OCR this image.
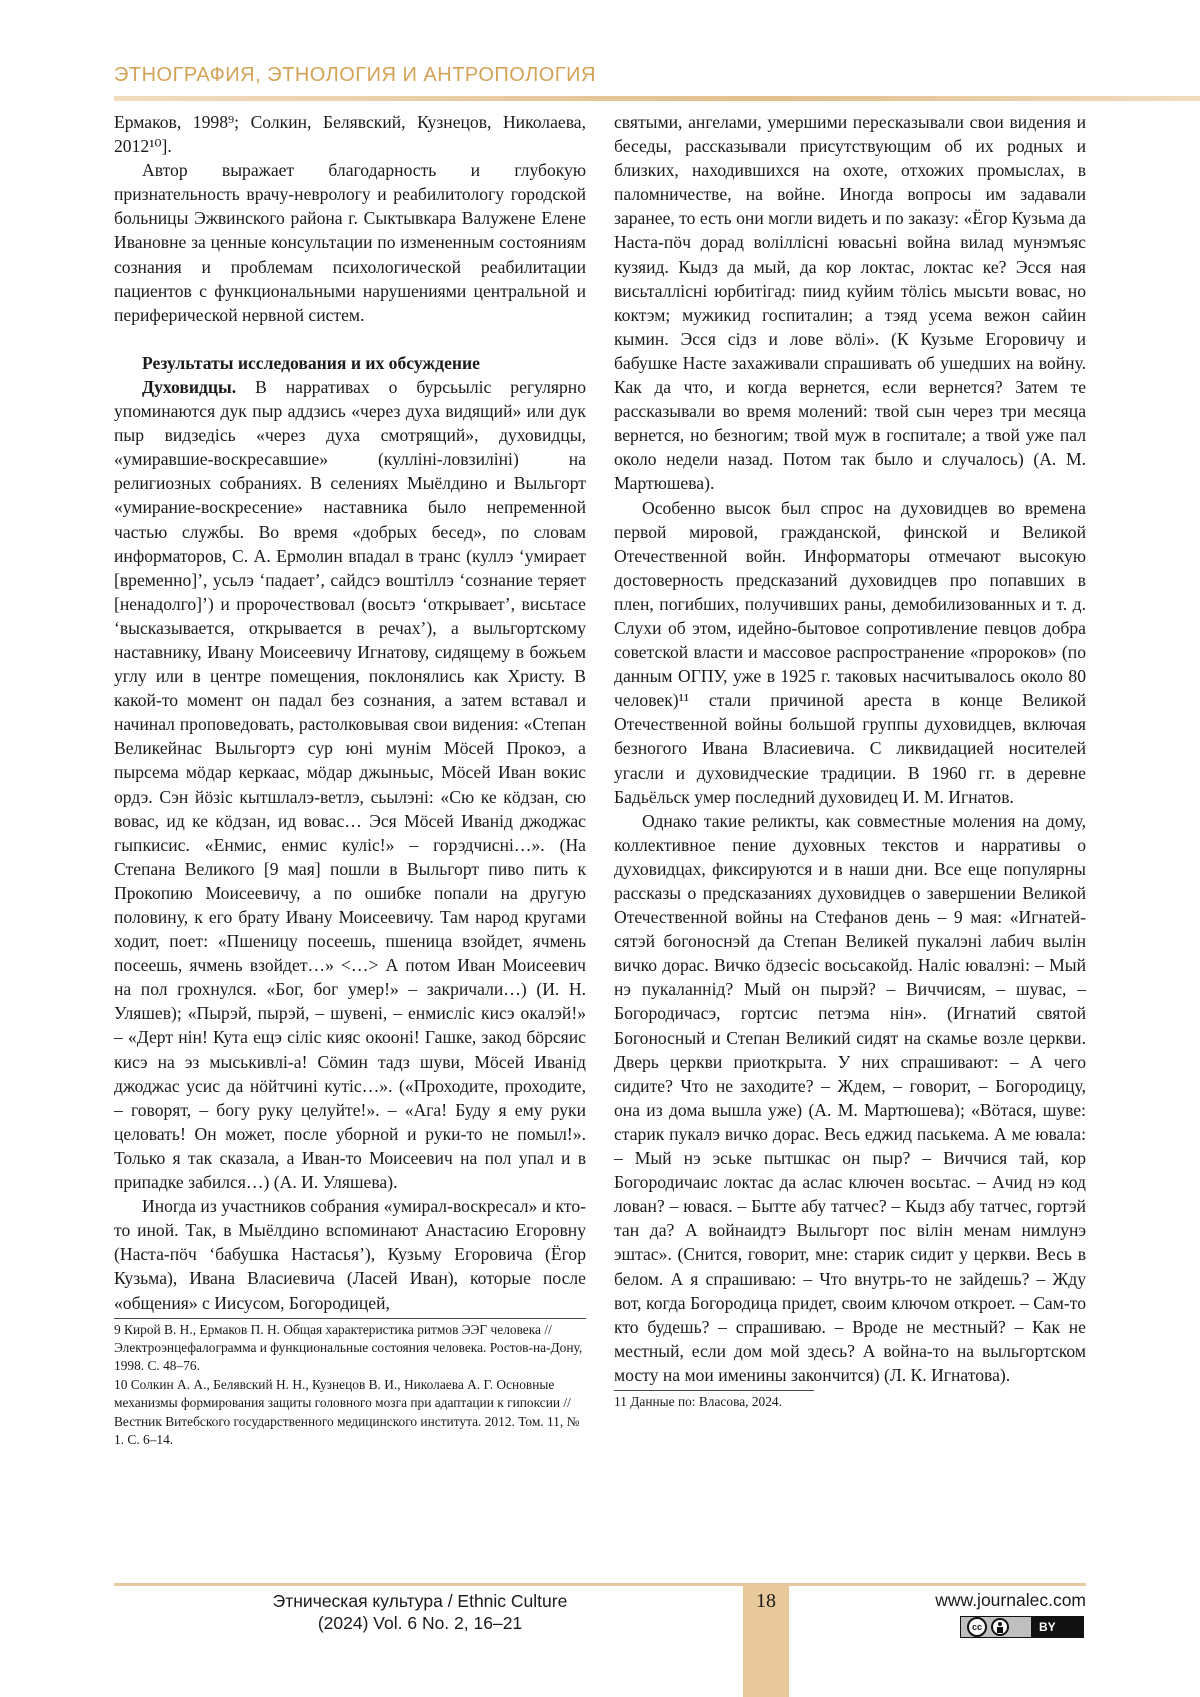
ЭТНОГРАФИЯ, ЭТНОЛОГИЯ И АНТРОПОЛОГИЯ

Ермаков, 1998⁹; Солкин, Белявский, Кузнецов, Николаева, 2012¹⁰].

Автор выражает благодарность и глубокую признательность врачу-неврологу и реабилитологу городской больницы Эжвинского района г. Сыктывкара Валужене Елене Ивановне за ценные консультации по измененным состояниям сознания и проблемам психологической реабилитации пациентов с функциональными нарушениями центральной и периферической нервной систем.

Результаты исследования и их обсуждение

Духовидцы. В нарративах о бурсьыліс регулярно упоминаются дук пыр аддзись «через духа видящий» или дук пыр видзедісь «через духа смотрящий», духовидцы, «умиравшие-воскресавшие» (куллінi-ловзилінi) на религиозных собраниях. В селениях Мыёлдино и Выльгорт «умирание-воскресение» наставника было непременной частью службы. Во время «добрых бесед», по словам информаторов, С. А. Ермолин впадал в транс (куллэ ‘умирает [временно]’, усьлэ ‘падает’, сайдсэ воштіллэ ‘сознание теряет [ненадолго]’) и пророчествовал (восьтэ ‘открывает’, висьтасе ‘высказывается, открывается в речах’), а выльгортскому наставнику, Ивану Моисеевичу Игнатову, сидящему в божьем углу или в центре помещения, поклонялись как Христу. В какой-то момент он падал без сознания, а затем вставал и начинал проповедовать, растолковывая свои видения: «Степан Великейнас Выльгортэ сур юні мунім Мӧсей Прокоэ, а пырсема мӧдар керкаас, мӧдар джыньыс, Мӧсей Иван вокис ордэ. Сэн йӧзіс кытшлалэ-ветлэ, сьылэні: «Сю ке кӧдзан, сю вовас, ид ке кӧдзан, ид вовас… Эся Мӧсей Иванід джоджас гыпкисис. «Енмис, енмис куліс!» – горэдчисні…». (На Степана Великого [9 мая] пошли в Выльгорт пиво пить к Прокопию Моисеевичу, а по ошибке попали на другую половину, к его брату Ивану Моисеевичу. Там народ кругами ходит, поет: «Пшеницу посеешь, пшеница взойдет, ячмень посеешь, ячмень взойдет…» <…> А потом Иван Моисеевич на пол грохнулся. «Бог, бог умер!» – закричали…) (И. Н. Уляшев); «Пырэй, пырэй, – шувені, – енмисліс кисэ окалэй!» – «Дерт нін! Кута ещэ сіліс кияс окооні! Гашке, закод бӧрсяис кисэ на эз мыськивлі-а! Сӧмин тадз шуви, Мӧсей Иванід джоджас усис да нӧйтчині кутіс…». («Проходите, проходите, – говорят, – богу руку целуйте!». – «Ага! Буду я ему руки целовать! Он может, после уборной и руки-то не помыл!». Только я так сказала, а Иван-то Моисеевич на пол упал и в припадке забился…) (А. И. Уляшева).

Иногда из участников собрания «умирал-воскресал» и кто-то иной. Так, в Мыёлдино вспоминают Анастасию Егоровну (Наста-пӧч ‘бабушка Настасья’), Кузьму Егоровича (Ёгор Кузьма), Ивана Власиевича (Ласей Иван), которые после «общения» с Иисусом, Богородицей,

9 Кирой В. Н., Ермаков П. Н. Общая характеристика ритмов ЭЭГ человека // Электроэнцефалограмма и функциональные состояния человека. Ростов-на-Дону, 1998. С. 48–76.

10 Солкин А. А., Белявский Н. Н., Кузнецов В. И., Николаева А. Г. Основные механизмы формирования защиты головного мозга при адаптации к гипоксии // Вестник Витебского государственного медицинского института. 2012. Том. 11, № 1. С. 6–14.

святыми, ангелами, умершими пересказывали свои видения и беседы, рассказывали присутствующим об их родных и близких, находившихся на охоте, отхожих промыслах, в паломничестве, на войне. Иногда вопросы им задавали заранее, то есть они могли видеть и по заказу: «Ёгор Кузьма да Наста-пӧч дорад воліллісні ювасьні война вилад мунэмъяс кузяид. Кыдз да мый, да кор локтас, локтас ке? Эсся ная висьталлісні юрбитігад: пиид куйим тӧлісь мысьти вовас, но коктэм; мужикид госпиталин; а тэяд усема вежон сайин кымин. Эсся сідз и лове вӧлі». (К Кузьме Егоровичу и бабушке Насте захаживали спрашивать об ушедших на войну. Как да что, и когда вернется, если вернется? Затем те рассказывали во время молений: твой сын через три месяца вернется, но безногим; твой муж в госпитале; а твой уже пал около недели назад. Потом так было и случалось) (А. М. Мартюшева).

Особенно высок был спрос на духовидцев во времена первой мировой, гражданской, финской и Великой Отечественной войн. Информаторы отмечают высокую достоверность предсказаний духовидцев про попавших в плен, погибших, получивших раны, демобилизованных и т. д. Слухи об этом, идейно-бытовое сопротивление певцов добра советской власти и массовое распространение «пророков» (по данным ОГПУ, уже в 1925 г. таковых насчитывалось около 80 человек)¹¹ стали причиной ареста в конце Великой Отечественной войны большой группы духовидцев, включая безногого Ивана Власиевича. С ликвидацией носителей угасли и духовидческие традиции. В 1960 гг. в деревне Бадьёльск умер последний духовидец И. М. Игнатов.

Однако такие реликты, как совместные моления на дому, коллективное пение духовных текстов и нарративы о духовидцах, фиксируются и в наши дни. Все еще популярны рассказы о предсказаниях духовидцев о завершении Великой Отечественной войны на Стефанов день – 9 мая: «Игнатей-сятэй богоноснэй да Степан Великей пукалэні лабич вылін вичко дорас. Вичко ӧдзесіс восьсакойд. Наліс ювалэні: – Мый нэ пукаланнід? Мый он пырэй? – Виччисям, – шувас, – Богородичасэ, гортсис петэма нін». (Игнатий святой Богоносный и Степан Великий сидят на скамье возле церкви. Дверь церкви приоткрыта. У них спрашивают: – А чего сидите? Что не заходите? – Ждем, – говорит, – Богородицу, она из дома вышла уже) (А. М. Мартюшева); «Вӧтася, шуве: старик пукалэ вичко дорас. Весь еджид паськема. А ме ювала: – Мый нэ эське пытшкас он пыр? – Виччися тай, кор Богородичаис локтас да аслас ключен восьтас. – Ачид нэ код лован? – ювася. – Бытте абу татчес? – Кыдз абу татчес, гортэй тан да? А войнаидтэ Выльгорт пос вілін менам нимлунэ эштас». (Снится, говорит, мне: старик сидит у церкви. Весь в белом. А я спрашиваю: – Что внутрь-то не зайдешь? – Жду вот, когда Богородица придет, своим ключом откроет. – Сам-то кто будешь? – спрашиваю. – Вроде не местный? – Как не местный, если дом мой здесь? А война-то на выльгортском мосту на мои именины закончится) (Л. К. Игнатова).

11 Данные по: Власова, 2024.
Этническая культура / Ethnic Culture
(2024) Vol. 6 No. 2, 16–21
18	www.journalec.com
cc	BY
